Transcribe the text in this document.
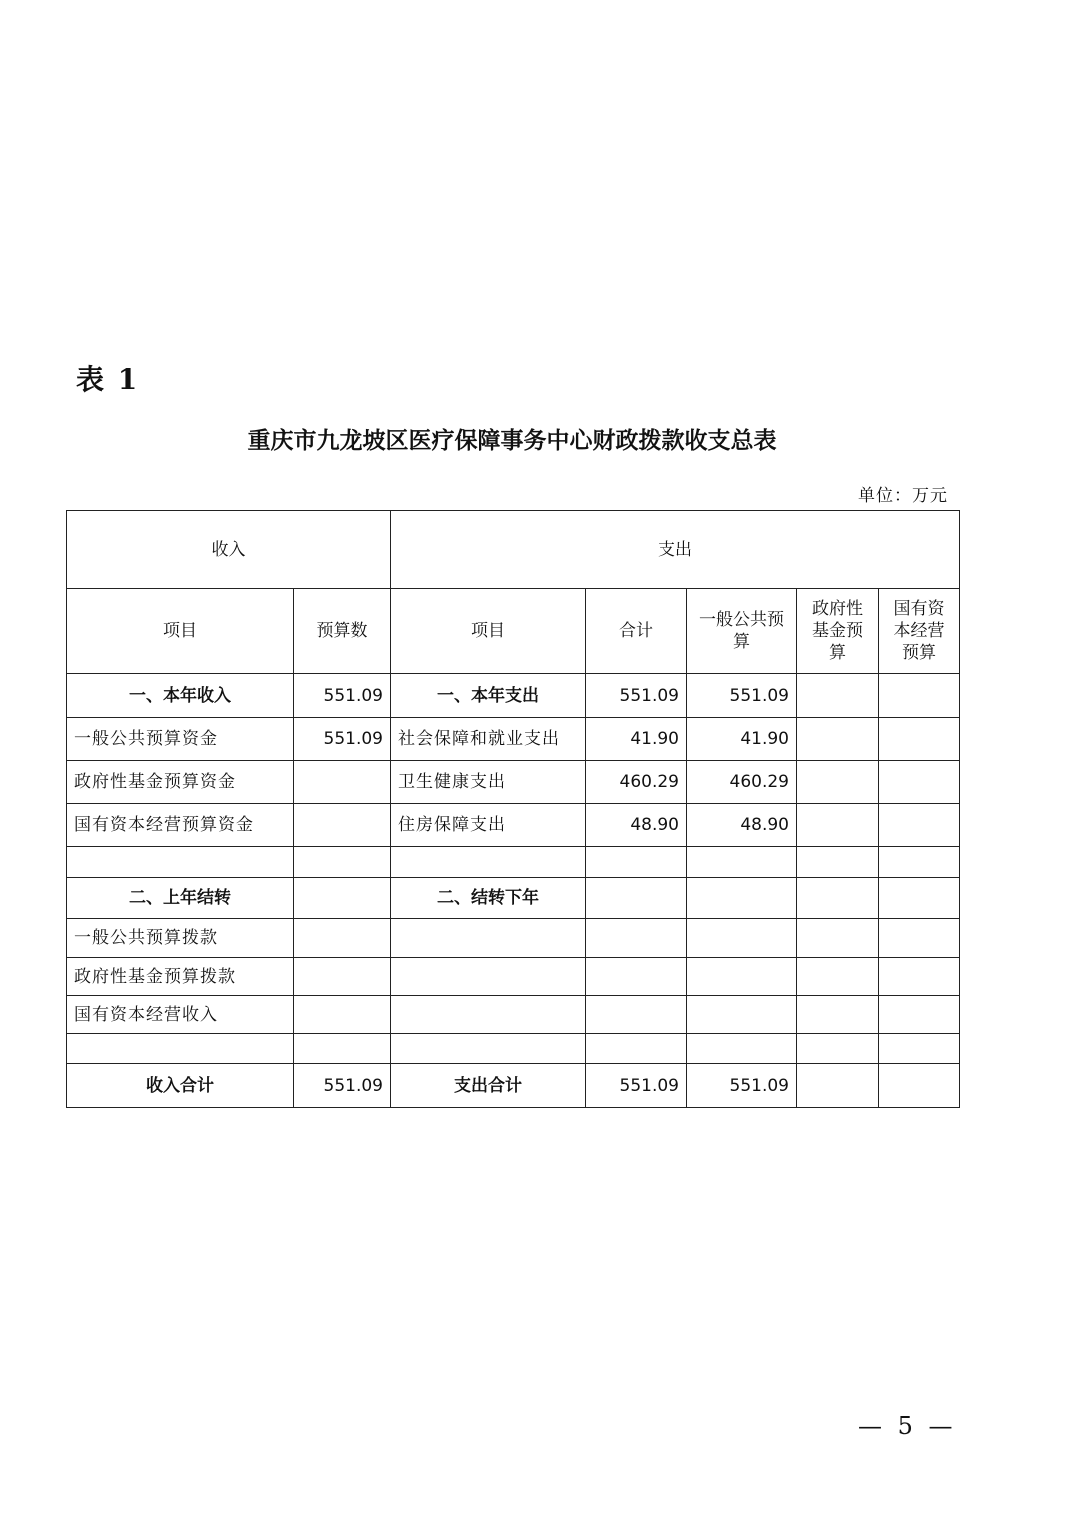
表 1
重庆市九龙坡区医疗保障事务中心财政拨款收支总表
单位：万元
收入		支出				
项目	预算数	项目	合计	一般公共预算	政府性基金预算	国有资本经营预算
一、本年收入	551.09	一、本年支出	551.09	551.09		
一般公共预算资金	551.09	社会保障和就业支出	41.90	41.90		
政府性基金预算资金		卫生健康支出	460.29	460.29		
国有资本经营预算资金		住房保障支出	48.90	48.90		

二、上年结转		二、结转下年				
一般公共预算拨款						
政府性基金预算拨款						
国有资本经营收入						

收入合计	551.09	支出合计	551.09	551.09		
— 5 —
